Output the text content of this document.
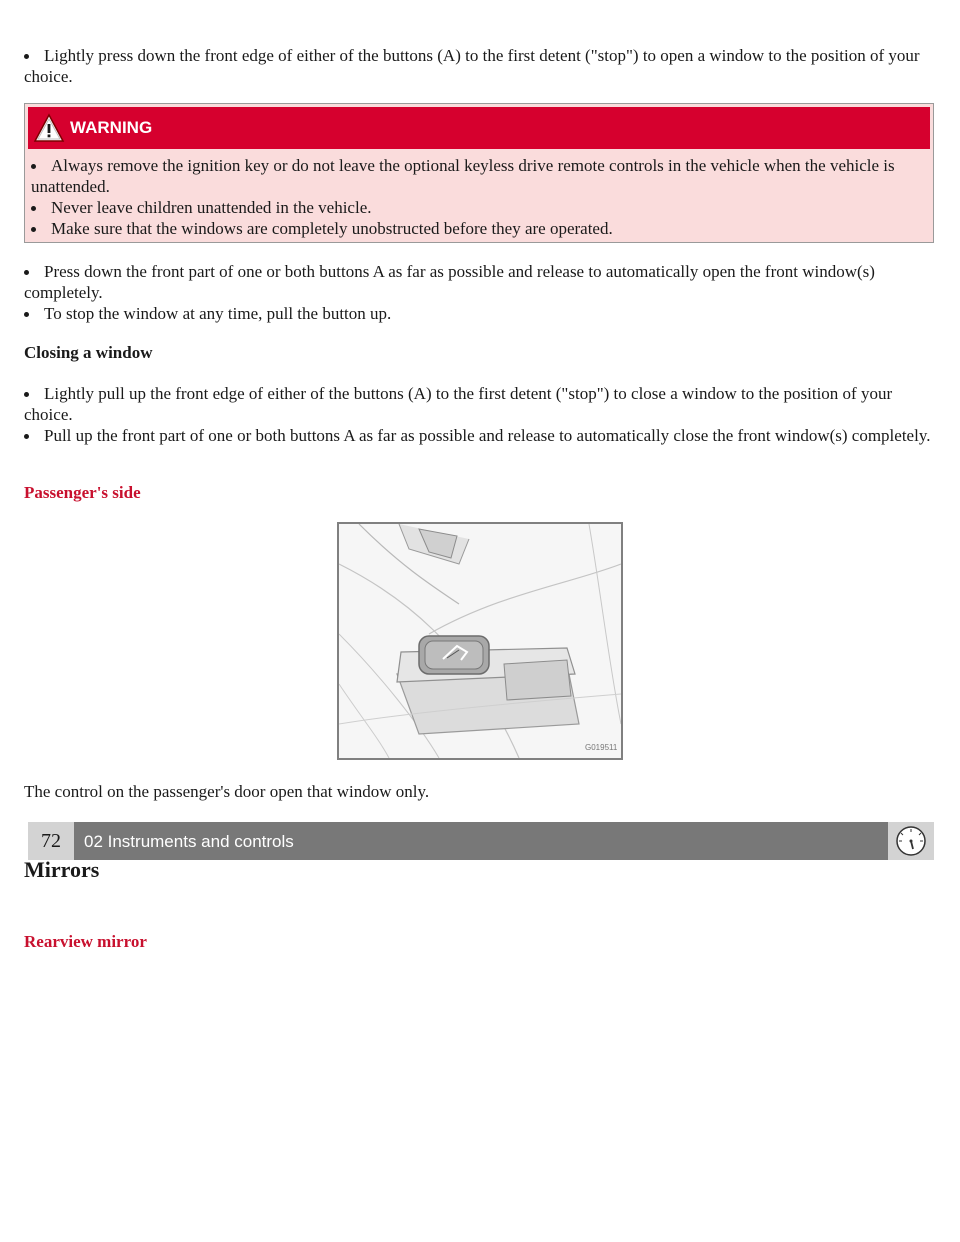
Lightly press down the front edge of either of the buttons (A) to the first detent ("stop") to open a window to the position of your choice.
WARNING
Always remove the ignition key or do not leave the optional keyless drive remote controls in the vehicle when the vehicle is unattended.
Never leave children unattended in the vehicle.
Make sure that the windows are completely unobstructed before they are operated.
Press down the front part of one or both buttons A as far as possible and release to automatically open the front window(s) completely.
To stop the window at any time, pull the button up.
Closing a window
Lightly pull up the front edge of either of the buttons (A) to the first detent ("stop") to close a window to the position of your choice.
Pull up the front part of one or both buttons A as far as possible and release to automatically close the front window(s) completely.
Passenger's side
G019511
The control on the passenger's door open that window only.
72	02 Instruments and controls
Mirrors
Rearview mirror
